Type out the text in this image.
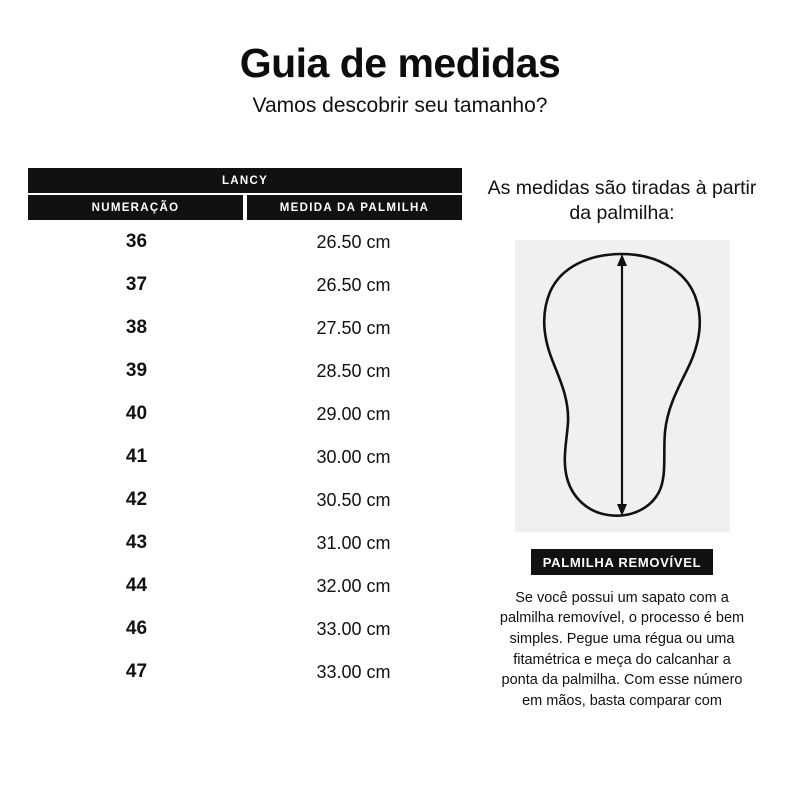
Guia de medidas
Vamos descobrir seu tamanho?
LANCY	
NUMERAÇÃO	MEDIDA DA PALMILHA
36	26.50 cm
37	26.50 cm
38	27.50 cm
39	28.50 cm
40	29.00 cm
41	30.00 cm
42	30.50 cm
43	31.00 cm
44	32.00 cm
46	33.00 cm
47	33.00 cm
As medidas são tiradas à partir da palmilha:
PALMILHA REMOVÍVEL
Se você possui um sapato com a palmilha removível, o processo é bem simples. Pegue uma régua ou uma fitamétrica e meça do calcanhar a ponta da palmilha. Com esse número em mãos, basta comparar com
